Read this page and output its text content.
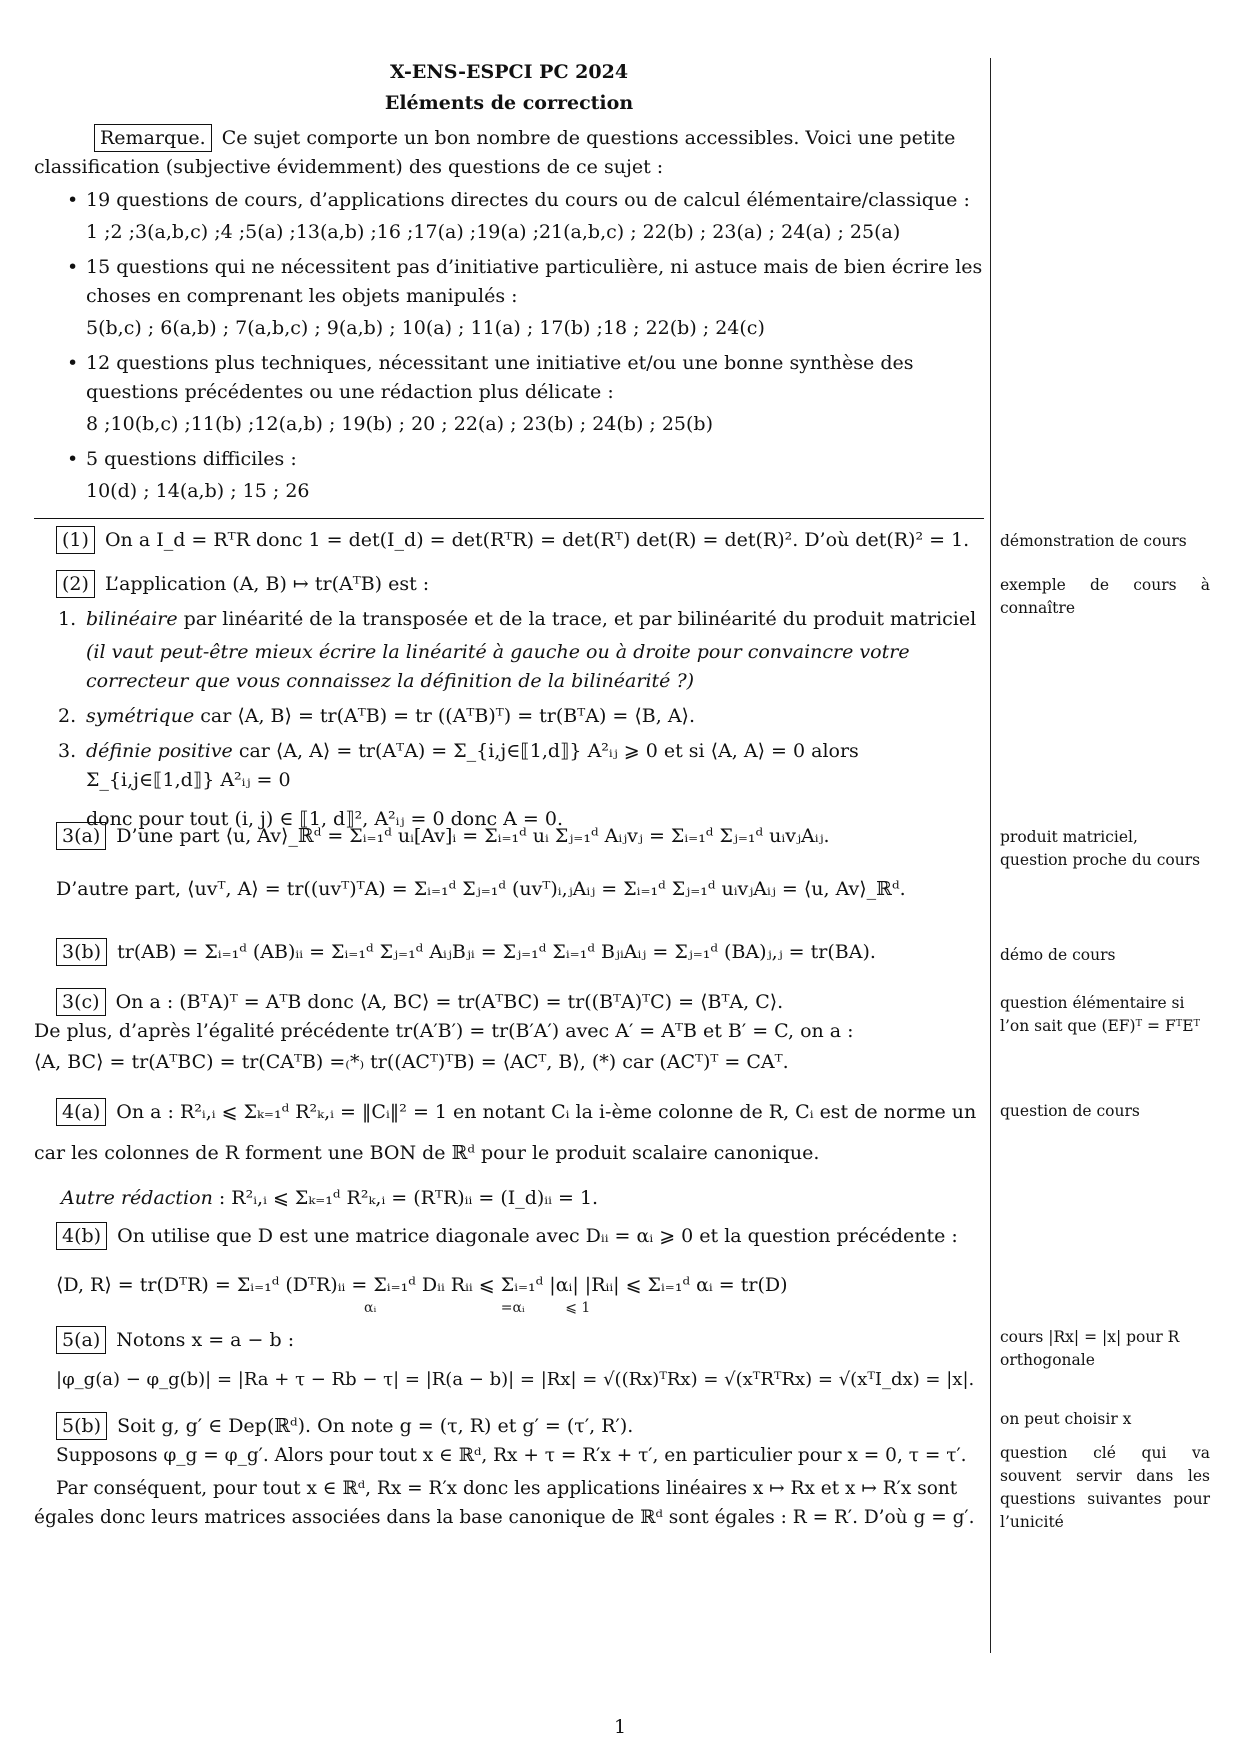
X-ENS-ESPCI PC 2024
Eléments de correction
Remarque. Ce sujet comporte un bon nombre de questions accessibles. Voici une petite classification (subjective évidemment) des questions de ce sujet :
• 19 questions de cours, d’applications directes du cours ou de calcul élémentaire/classique :
1 ;2 ;3(a,b,c) ;4 ;5(a) ;13(a,b) ;16 ;17(a) ;19(a) ;21(a,b,c) ; 22(b) ; 23(a) ; 24(a) ; 25(a)
• 15 questions qui ne nécessitent pas d’initiative particulière, ni astuce mais de bien écrire les choses en comprenant les objets manipulés :
5(b,c) ; 6(a,b) ; 7(a,b,c) ; 9(a,b) ; 10(a) ; 11(a) ; 17(b) ;18 ; 22(b) ; 24(c)
• 12 questions plus techniques, nécessitant une initiative et/ou une bonne synthèse des questions précédentes ou une rédaction plus délicate :
8 ;10(b,c) ;11(b) ;12(a,b) ; 19(b) ; 20 ; 22(a) ; 23(b) ; 24(b) ; 25(b)
• 5 questions difficiles :
10(d) ; 14(a,b) ; 15 ; 26
(1) On a I_d = RᵀR donc 1 = det(I_d) = det(RᵀR) = det(Rᵀ) det(R) = det(R)². D’où det(R)² = 1.
(2) L’application (A, B) ↦ tr(AᵀB) est :
1. bilinéaire par linéarité de la transposée et de la trace, et par bilinéarité du produit matriciel
(il vaut peut-être mieux écrire la linéarité à gauche ou à droite pour convaincre votre correcteur que vous connaissez la définition de la bilinéarité ?)
2. symétrique car ⟨A, B⟩ = tr(AᵀB) = tr ((AᵀB)ᵀ) = tr(BᵀA) = ⟨B, A⟩.
3. définie positive car ⟨A, A⟩ = tr(AᵀA) = Σ_{i,j∈⟦1,d⟧} A²ᵢⱼ ⩾ 0 et si ⟨A, A⟩ = 0 alors Σ_{i,j∈⟦1,d⟧} A²ᵢⱼ = 0
donc pour tout (i, j) ∈ ⟦1, d⟧², A²ᵢⱼ = 0 donc A = 0.
3(a) D’une part ⟨u, Av⟩_ℝᵈ = Σᵢ₌₁ᵈ uᵢ[Av]ᵢ = Σᵢ₌₁ᵈ uᵢ Σⱼ₌₁ᵈ Aᵢⱼvⱼ = Σᵢ₌₁ᵈ Σⱼ₌₁ᵈ uᵢvⱼAᵢⱼ.
D’autre part, ⟨uvᵀ, A⟩ = tr((uvᵀ)ᵀA) = Σᵢ₌₁ᵈ Σⱼ₌₁ᵈ (uvᵀ)ᵢ,ⱼAᵢⱼ = Σᵢ₌₁ᵈ Σⱼ₌₁ᵈ uᵢvⱼAᵢⱼ = ⟨u, Av⟩_ℝᵈ.
3(b) tr(AB) = Σᵢ₌₁ᵈ (AB)ᵢᵢ = Σᵢ₌₁ᵈ Σⱼ₌₁ᵈ AᵢⱼBⱼᵢ = Σⱼ₌₁ᵈ Σᵢ₌₁ᵈ BⱼᵢAᵢⱼ = Σⱼ₌₁ᵈ (BA)ⱼ,ⱼ = tr(BA).
3(c) On a : (BᵀA)ᵀ = AᵀB donc ⟨A, BC⟩ = tr(AᵀBC) = tr((BᵀA)ᵀC) = ⟨BᵀA, C⟩.
De plus, d’après l’égalité précédente tr(A′B′) = tr(B′A′) avec A′ = AᵀB et B′ = C, on a :
⟨A, BC⟩ = tr(AᵀBC) = tr(CAᵀB) =₍*₎ tr((ACᵀ)ᵀB) = ⟨ACᵀ, B⟩, (*) car (ACᵀ)ᵀ = CAᵀ.
4(a) On a : R²ᵢ,ᵢ ⩽ Σₖ₌₁ᵈ R²ₖ,ᵢ = ‖Cᵢ‖² = 1 en notant Cᵢ la i-ème colonne de R, Cᵢ est de norme un
car les colonnes de R forment une BON de ℝᵈ pour le produit scalaire canonique.
Autre rédaction : R²ᵢ,ᵢ ⩽ Σₖ₌₁ᵈ R²ₖ,ᵢ = (RᵀR)ᵢᵢ = (I_d)ᵢᵢ = 1.
4(b) On utilise que D est une matrice diagonale avec Dᵢᵢ = αᵢ ⩾ 0 et la question précédente :
⟨D, R⟩ = tr(DᵀR) = Σᵢ₌₁ᵈ (DᵀR)ᵢᵢ = Σᵢ₌₁ᵈ Dᵢᵢ Rᵢᵢ ⩽ Σᵢ₌₁ᵈ |αᵢ| |Rᵢᵢ| ⩽ Σᵢ₌₁ᵈ αᵢ = tr(D)
αᵢ	=αᵢ	⩽ 1
5(a) Notons x = a − b :
|φ_g(a) − φ_g(b)| = |Ra + τ − Rb − τ| = |R(a − b)| = |Rx| = √((Rx)ᵀRx) = √(xᵀRᵀRx) = √(xᵀI_dx) = |x|.
5(b) Soit g, g′ ∈ Dep(ℝᵈ). On note g = (τ, R) et g′ = (τ′, R′).
Supposons φ_g = φ_g′. Alors pour tout x ∈ ℝᵈ, Rx + τ = R′x + τ′, en particulier pour x = 0, τ = τ′.
Par conséquent, pour tout x ∈ ℝᵈ, Rx = R′x donc les applications linéaires x ↦ Rx et x ↦ R′x sont
égales donc leurs matrices associées dans la base canonique de ℝᵈ sont égales : R = R′. D’où g = g′.
démonstration de cours
exemple de cours à connaître
produit matriciel, question proche du cours
démo de cours
question élémentaire si l’on sait que (EF)ᵀ = FᵀEᵀ
question de cours
cours |Rx| = |x| pour R orthogonale
on peut choisir x
question clé qui va souvent servir dans les questions suivantes pour l’unicité
1
